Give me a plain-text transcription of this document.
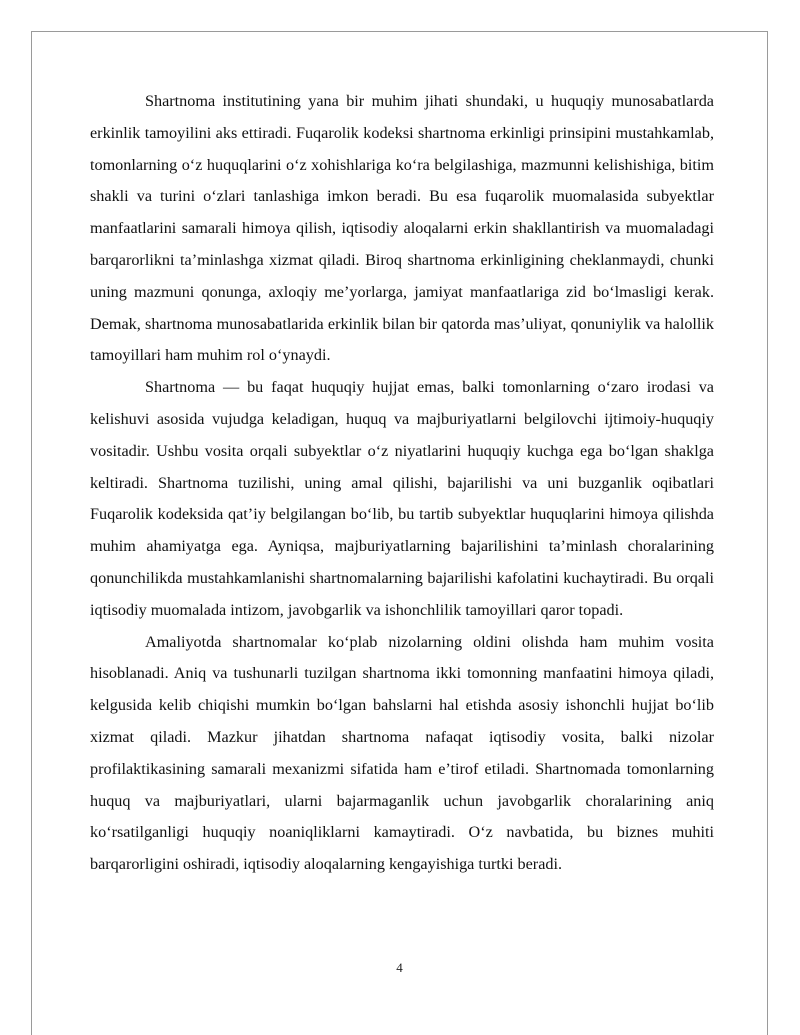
Shartnoma institutining yana bir muhim jihati shundaki, u huquqiy munosabatlarda erkinlik tamoyilini aks ettiradi. Fuqarolik kodeksi shartnoma erkinligi prinsipini mustahkamlab, tomonlarning o‘z huquqlarini o‘z xohishlariga ko‘ra belgilashiga, mazmunni kelishishiga, bitim shakli va turini o‘zlari tanlashiga imkon beradi. Bu esa fuqarolik muomalasida subyektlar manfaatlarini samarali himoya qilish, iqtisodiy aloqalarni erkin shakllantirish va muomaladagi barqarorlikni ta’minlashga xizmat qiladi. Biroq shartnoma erkinligining cheklanmaydi, chunki uning mazmuni qonunga, axloqiy me’yorlarga, jamiyat manfaatlariga zid bo‘lmasligi kerak. Demak, shartnoma munosabatlarida erkinlik bilan bir qatorda mas’uliyat, qonuniylik va halollik tamoyillari ham muhim rol o‘ynaydi.

Shartnoma — bu faqat huquqiy hujjat emas, balki tomonlarning o‘zaro irodasi va kelishuvi asosida vujudga keladigan, huquq va majburiyatlarni belgilovchi ijtimoiy-huquqiy vositadir. Ushbu vosita orqali subyektlar o‘z niyatlarini huquqiy kuchga ega bo‘lgan shaklga keltiradi. Shartnoma tuzilishi, uning amal qilishi, bajarilishi va uni buzganlik oqibatlari Fuqarolik kodeksida qat’iy belgilangan bo‘lib, bu tartib subyektlar huquqlarini himoya qilishda muhim ahamiyatga ega. Ayniqsa, majburiyatlarning bajarilishini ta’minlash choralarining qonunchilikda mustahkamlanishi shartnomalarning bajarilishi kafolatini kuchaytiradi. Bu orqali iqtisodiy muomalada intizom, javobgarlik va ishonchlilik tamoyillari qaror topadi.

Amaliyotda shartnomalar ko‘plab nizolarning oldini olishda ham muhim vosita hisoblanadi. Aniq va tushunarli tuzilgan shartnoma ikki tomonning manfaatini himoya qiladi, kelgusida kelib chiqishi mumkin bo‘lgan bahslarni hal etishda asosiy ishonchli hujjat bo‘lib xizmat qiladi. Mazkur jihatdan shartnoma nafaqat iqtisodiy vosita, balki nizolar profilaktikasining samarali mexanizmi sifatida ham e’tirof etiladi. Shartnomada tomonlarning huquq va majburiyatlari, ularni bajarmaganlik uchun javobgarlik choralarining aniq ko‘rsatilganligi huquqiy noaniqliklarni kamaytiradi. O‘z navbatida, bu biznes muhiti barqarorligini oshiradi, iqtisodiy aloqalarning kengayishiga turtki beradi.

4
